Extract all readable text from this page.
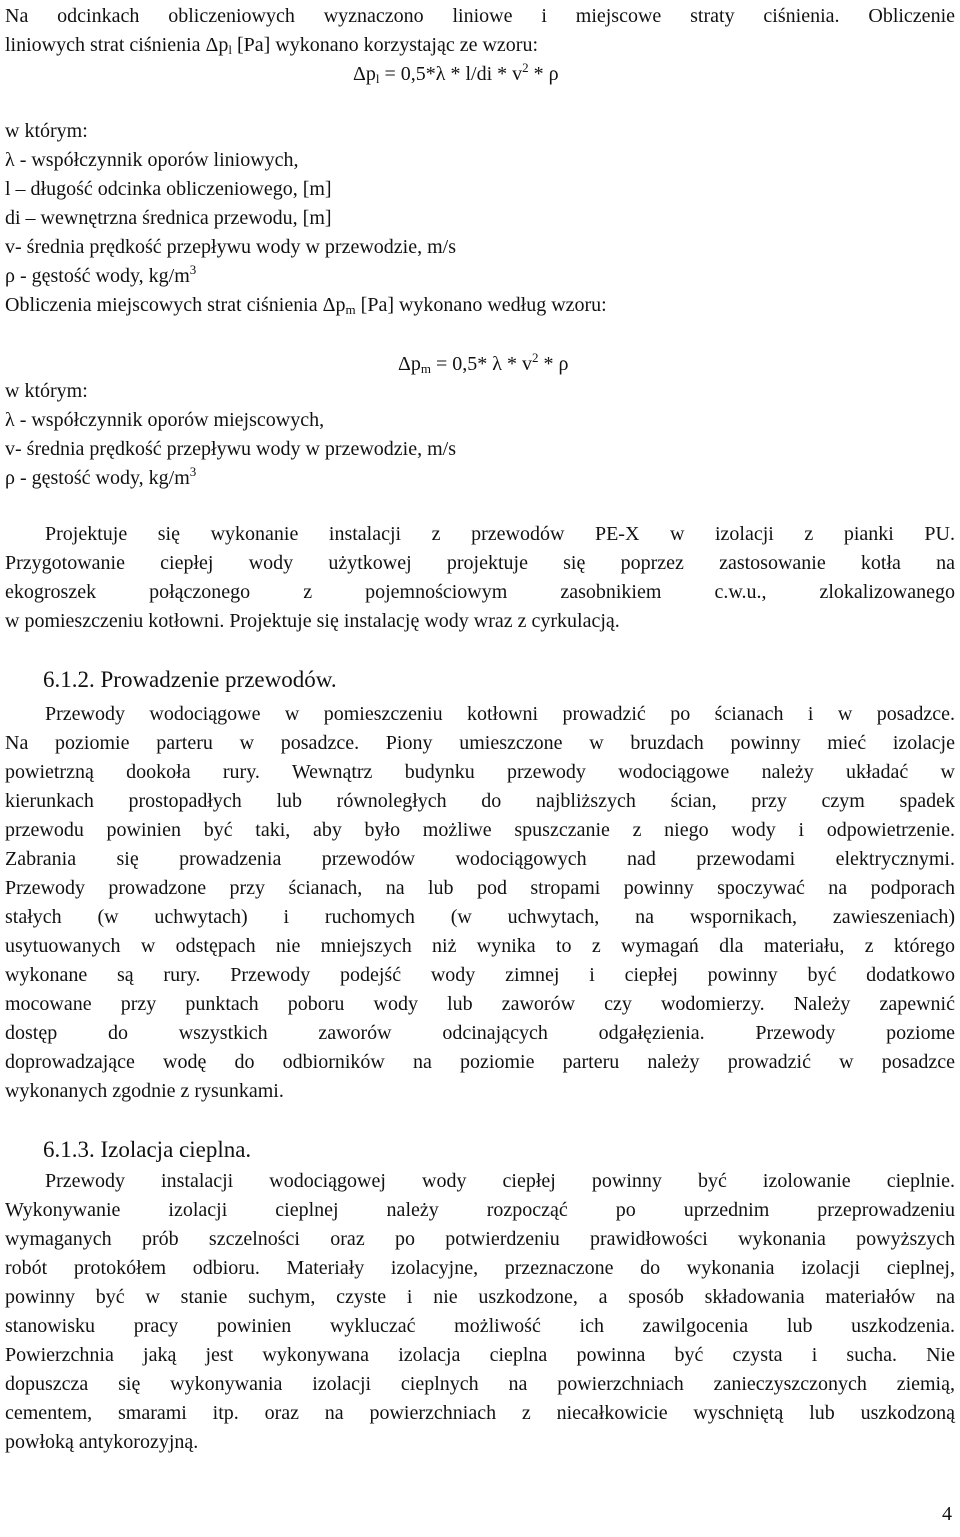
Na odcinkach obliczeniowych wyznaczono liniowe i miejscowe straty ciśnienia. Obliczenie
liniowych strat ciśnienia $\Delta p_l$ [Pa] wykonano korzystając ze wzoru:
$\Delta p_l = 0,5*\lambda * l/di * v^2 * \rho$
w którym:
λ - współczynnik oporów liniowych,
l – długość odcinka obliczeniowego, [m]
di – wewnętrzna średnica przewodu, [m]
v- średnia prędkość przepływu wody w przewodzie, m/s
ρ - gęstość wody, $kg/m^3$
Obliczenia miejscowych strat ciśnienia $\Delta p_m$ [Pa] wykonano według wzoru:
$\Delta p_m = 0,5*$ λ * $v^2$ * ρ
w którym:
λ - współczynnik oporów miejscowych,
v- średnia prędkość przepływu wody w przewodzie, m/s
ρ - gęstość wody, $kg/m^3$
Projektuje się wykonanie instalacji z przewodów PE-X w izolacji z pianki PU.
Przygotowanie ciepłej wody użytkowej projektuje się poprzez zastosowanie kotła na
ekogroszek połączonego z pojemnościowym zasobnikiem c.w.u., zlokalizowanego
w pomieszczeniu kotłowni. Projektuje się instalację wody wraz z cyrkulacją.
6.1.2. Prowadzenie przewodów.
Przewody wodociągowe w pomieszczeniu kotłowni prowadzić po ścianach i w posadzce.
Na poziomie parteru w posadzce. Piony umieszczone w bruzdach powinny mieć izolacje
powietrzną dookoła rury. Wewnątrz budynku przewody wodociągowe należy układać w
kierunkach prostopadłych lub równoległych do najbliższych ścian, przy czym spadek
przewodu powinien być taki, aby było możliwe spuszczanie z niego wody i odpowietrzenie.
Zabrania się prowadzenia przewodów wodociągowych nad przewodami elektrycznymi.
Przewody prowadzone przy ścianach, na lub pod stropami powinny spoczywać na podporach
stałych (w uchwytach) i ruchomych (w uchwytach, na wspornikach, zawieszeniach)
usytuowanych w odstępach nie mniejszych niż wynika to z wymagań dla materiału, z którego
wykonane są rury. Przewody podejść wody zimnej i ciepłej powinny być dodatkowo
mocowane przy punktach poboru wody lub zaworów czy wodomierzy. Należy zapewnić
dostęp do wszystkich zaworów odcinających odgałęzienia. Przewody poziome
doprowadzające wodę do odbiorników na poziomie parteru należy prowadzić w posadzce
wykonanych zgodnie z rysunkami.
6.1.3. Izolacja cieplna.
Przewody instalacji wodociągowej wody ciepłej powinny być izolowanie cieplnie.
Wykonywanie izolacji cieplnej należy rozpocząć po uprzednim przeprowadzeniu
wymaganych prób szczelności oraz po potwierdzeniu prawidłowości wykonania powyższych
robót protokółem odbioru. Materiały izolacyjne, przeznaczone do wykonania izolacji cieplnej,
powinny być w stanie suchym, czyste i nie uszkodzone, a sposób składowania materiałów na
stanowisku pracy powinien wykluczać możliwość ich zawilgocenia lub uszkodzenia.
Powierzchnia jaką jest wykonywana izolacja cieplna powinna być czysta i sucha. Nie
dopuszcza się wykonywania izolacji cieplnych na powierzchniach zanieczyszczonych ziemią,
cementem, smarami itp. oraz na powierzchniach z niecałkowicie wyschniętą lub uszkodzoną
powłoką antykorozyjną.
4
